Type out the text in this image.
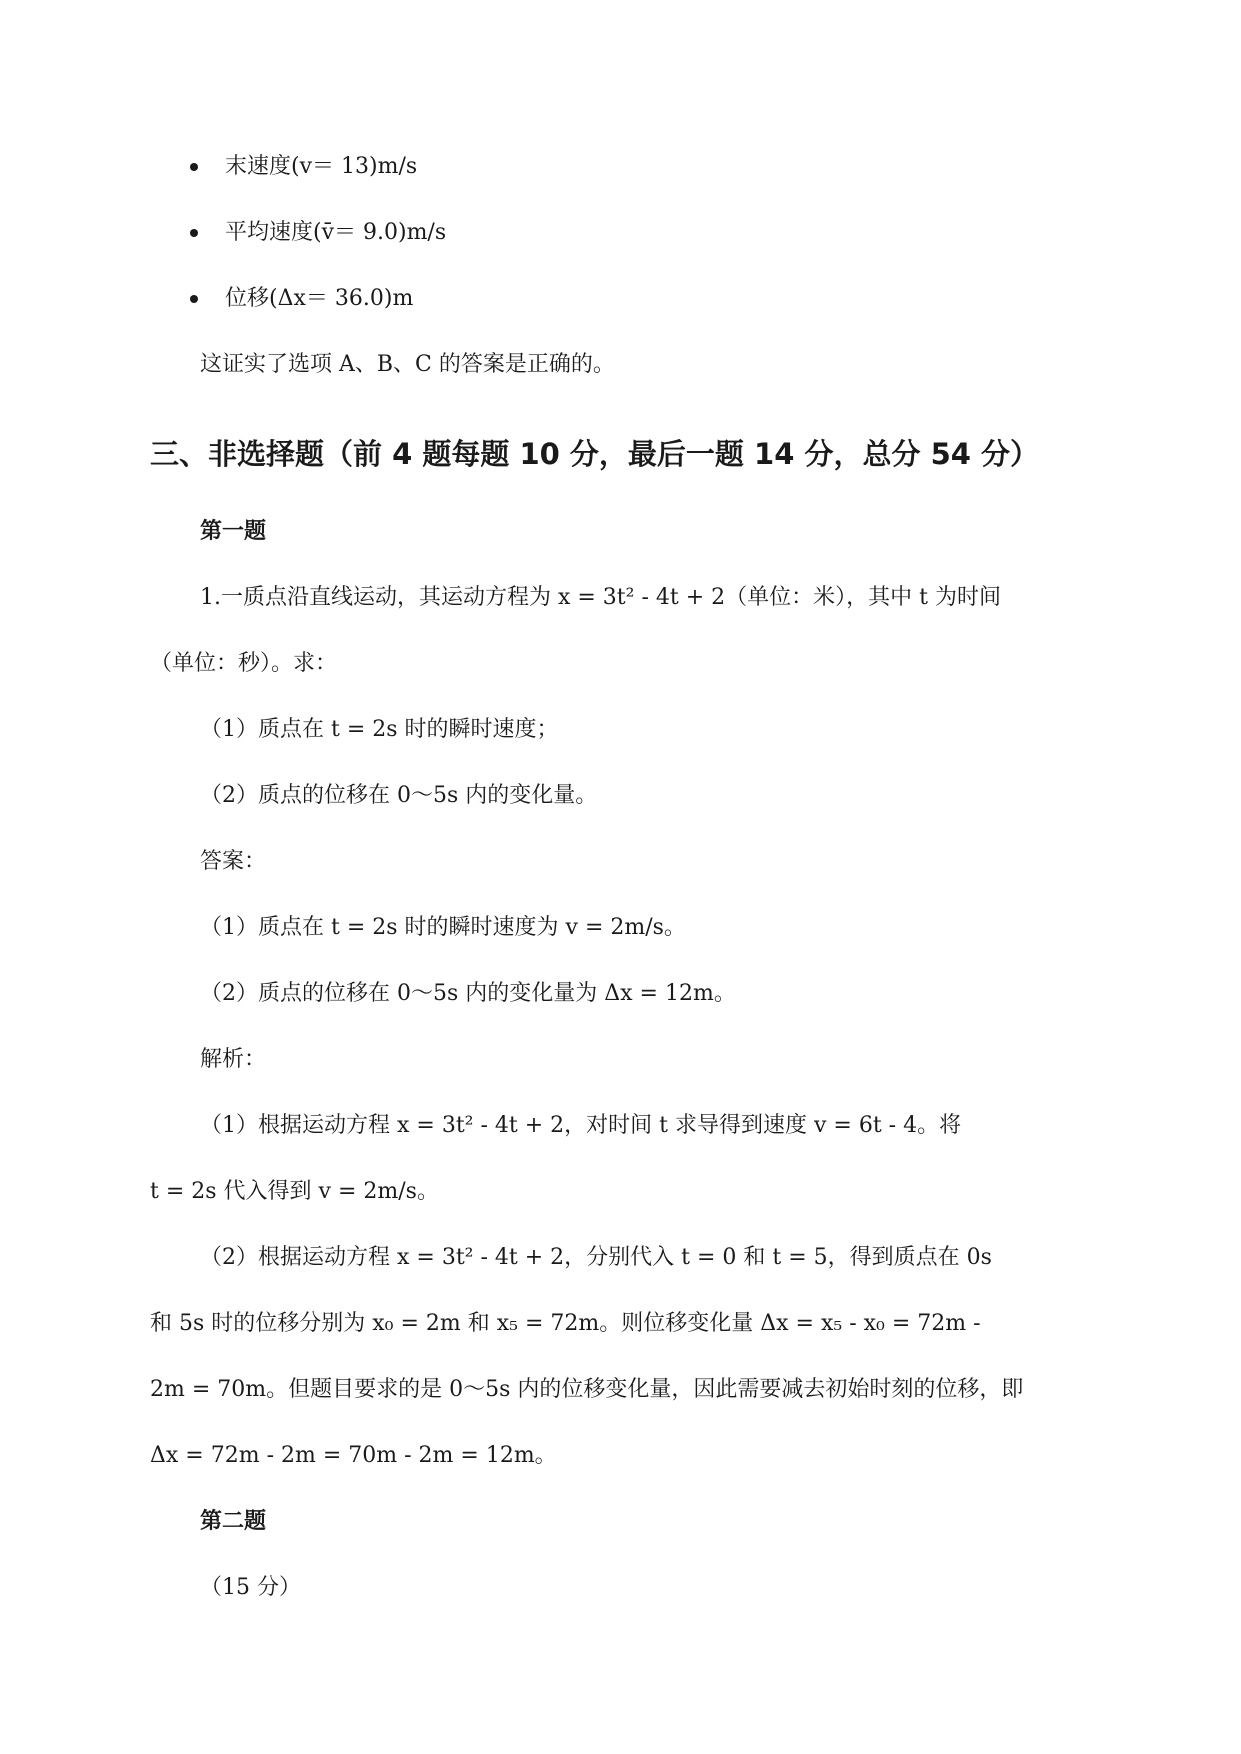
末速度(v＝ 13)m/s
平均速度(v̄＝ 9.0)m/s
位移(Δx＝ 36.0)m
这证实了选项 A、B、C 的答案是正确的。
三、非选择题（前 4 题每题 10 分，最后一题 14 分，总分 54 分）
第一题
1.一质点沿直线运动，其运动方程为 x = 3t² - 4t + 2（单位：米），其中 t 为时间
（单位：秒）。求：
（1）质点在 t = 2s 时的瞬时速度；
（2）质点的位移在 0～5s 内的变化量。
答案：
（1）质点在 t = 2s 时的瞬时速度为 v = 2m/s。
（2）质点的位移在 0～5s 内的变化量为 Δx = 12m。
解析：
（1）根据运动方程 x = 3t² - 4t + 2，对时间 t 求导得到速度 v = 6t - 4。将
t = 2s 代入得到 v = 2m/s。
（2）根据运动方程 x = 3t² - 4t + 2，分别代入 t = 0 和 t = 5，得到质点在 0s
和 5s 时的位移分别为 x₀ = 2m 和 x₅ = 72m。则位移变化量 Δx = x₅ - x₀ = 72m -
2m = 70m。但题目要求的是 0～5s 内的位移变化量，因此需要减去初始时刻的位移，即
Δx = 72m - 2m = 70m - 2m = 12m。
第二题
（15 分）
